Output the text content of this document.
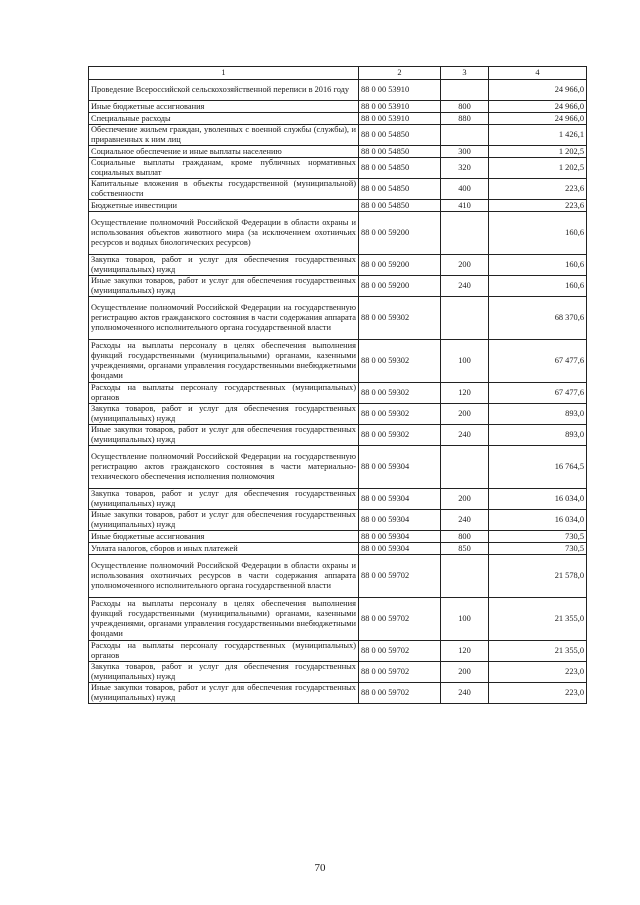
1	2	3	4
Проведение Всероссийской сельскохозяйственной переписи в 2016 году	88 0 00 53910		24 966,0
Иные бюджетные ассигнования	88 0 00 53910	800	24 966,0
Специальные расходы	88 0 00 53910	880	24 966,0
Обеспечение жильем граждан, уволенных с военной службы (службы), и приравненных к ним лиц	88 0 00 54850		1 426,1
Социальное обеспечение и иные выплаты населению	88 0 00 54850	300	1 202,5
Социальные выплаты гражданам, кроме публичных нормативных социальных выплат	88 0 00 54850	320	1 202,5
Капитальные вложения в объекты государственной (муниципальной) собственности	88 0 00 54850	400	223,6
Бюджетные инвестиции	88 0 00 54850	410	223,6
Осуществление полномочий Российской Федерации в области охраны и использования объектов животного мира (за исключением охотничьих ресурсов и водных биологических ресурсов)	88 0 00 59200		160,6
Закупка товаров, работ и услуг для обеспечения государственных (муниципальных) нужд	88 0 00 59200	200	160,6
Иные закупки товаров, работ и услуг для обеспечения государственных (муниципальных) нужд	88 0 00 59200	240	160,6
Осуществление полномочий Российской Федерации на государственную регистрацию актов гражданского состояния в части содержания аппарата уполномоченного исполнительного органа государственной власти	88 0 00 59302		68 370,6
Расходы на выплаты персоналу в целях обеспечения выполнения функций государственными (муниципальными) органами, казенными учреждениями, органами управления государственными внебюджетными фондами	88 0 00 59302	100	67 477,6
Расходы на выплаты персоналу государственных (муниципальных) органов	88 0 00 59302	120	67 477,6
Закупка товаров, работ и услуг для обеспечения государственных (муниципальных) нужд	88 0 00 59302	200	893,0
Иные закупки товаров, работ и услуг для обеспечения государственных (муниципальных) нужд	88 0 00 59302	240	893,0
Осуществление полномочий Российской Федерации на государственную регистрацию актов гражданского состояния в части материально-технического обеспечения исполнения полномочия	88 0 00 59304		16 764,5
Закупка товаров, работ и услуг для обеспечения государственных (муниципальных) нужд	88 0 00 59304	200	16 034,0
Иные закупки товаров, работ и услуг для обеспечения государственных (муниципальных) нужд	88 0 00 59304	240	16 034,0
Иные бюджетные ассигнования	88 0 00 59304	800	730,5
Уплата налогов, сборов и иных платежей	88 0 00 59304	850	730,5
Осуществление полномочий Российской Федерации в области охраны и использования охотничьих ресурсов в части содержания аппарата уполномоченного исполнительного органа государственной власти	88 0 00 59702		21 578,0
Расходы на выплаты персоналу в целях обеспечения выполнения функций государственными (муниципальными) органами, казенными учреждениями, органами управления государственными внебюджетными фондами	88 0 00 59702	100	21 355,0
Расходы на выплаты персоналу государственных (муниципальных) органов	88 0 00 59702	120	21 355,0
Закупка товаров, работ и услуг для обеспечения государственных (муниципальных) нужд	88 0 00 59702	200	223,0
Иные закупки товаров, работ и услуг для обеспечения государственных (муниципальных) нужд	88 0 00 59702	240	223,0
70
